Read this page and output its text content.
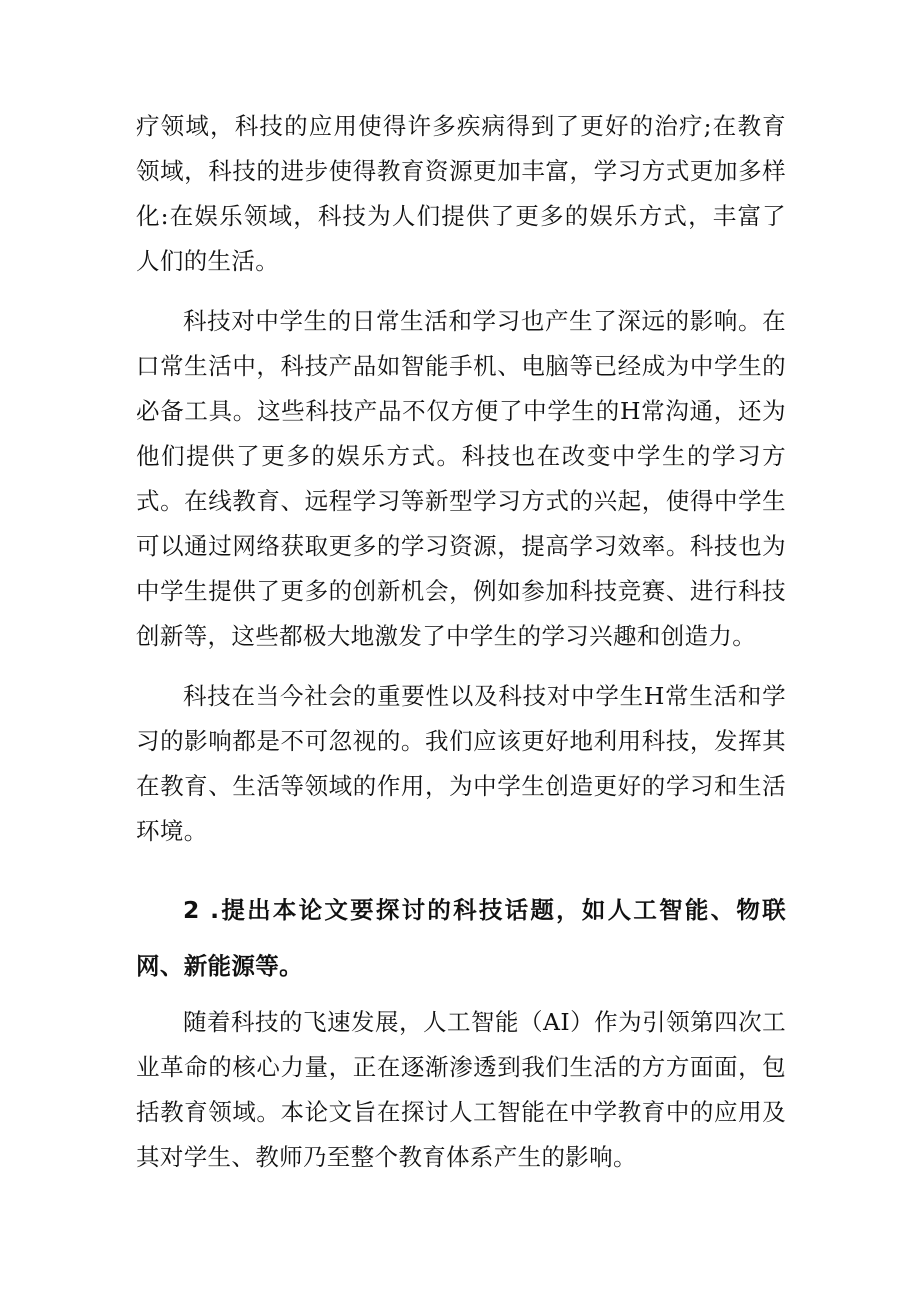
疗领域，科技的应用使得许多疾病得到了更好的治疗;在教育领域，科技的进步使得教育资源更加丰富，学习方式更加多样化:在娱乐领域，科技为人们提供了更多的娱乐方式，丰富了人们的生活。

科技对中学生的日常生活和学习也产生了深远的影响。在口常生活中，科技产品如智能手机、电脑等已经成为中学生的必备工具。这些科技产品不仅方便了中学生的H常沟通，还为他们提供了更多的娱乐方式。科技也在改变中学生的学习方式。在线教育、远程学习等新型学习方式的兴起，使得中学生可以通过网络获取更多的学习资源，提高学习效率。科技也为中学生提供了更多的创新机会，例如参加科技竞赛、进行科技创新等，这些都极大地激发了中学生的学习兴趣和创造力。

科技在当今社会的重要性以及科技对中学生H常生活和学习的影响都是不可忽视的。我们应该更好地利用科技，发挥其在教育、生活等领域的作用，为中学生创造更好的学习和生活环境。

2 .提出本论文要探讨的科技话题，如人工智能、物联网、新能源等。

随着科技的飞速发展，人工智能（AI）作为引领第四次工业革命的核心力量，正在逐渐渗透到我们生活的方方面面，包括教育领域。本论文旨在探讨人工智能在中学教育中的应用及其对学生、教师乃至整个教育体系产生的影响。
